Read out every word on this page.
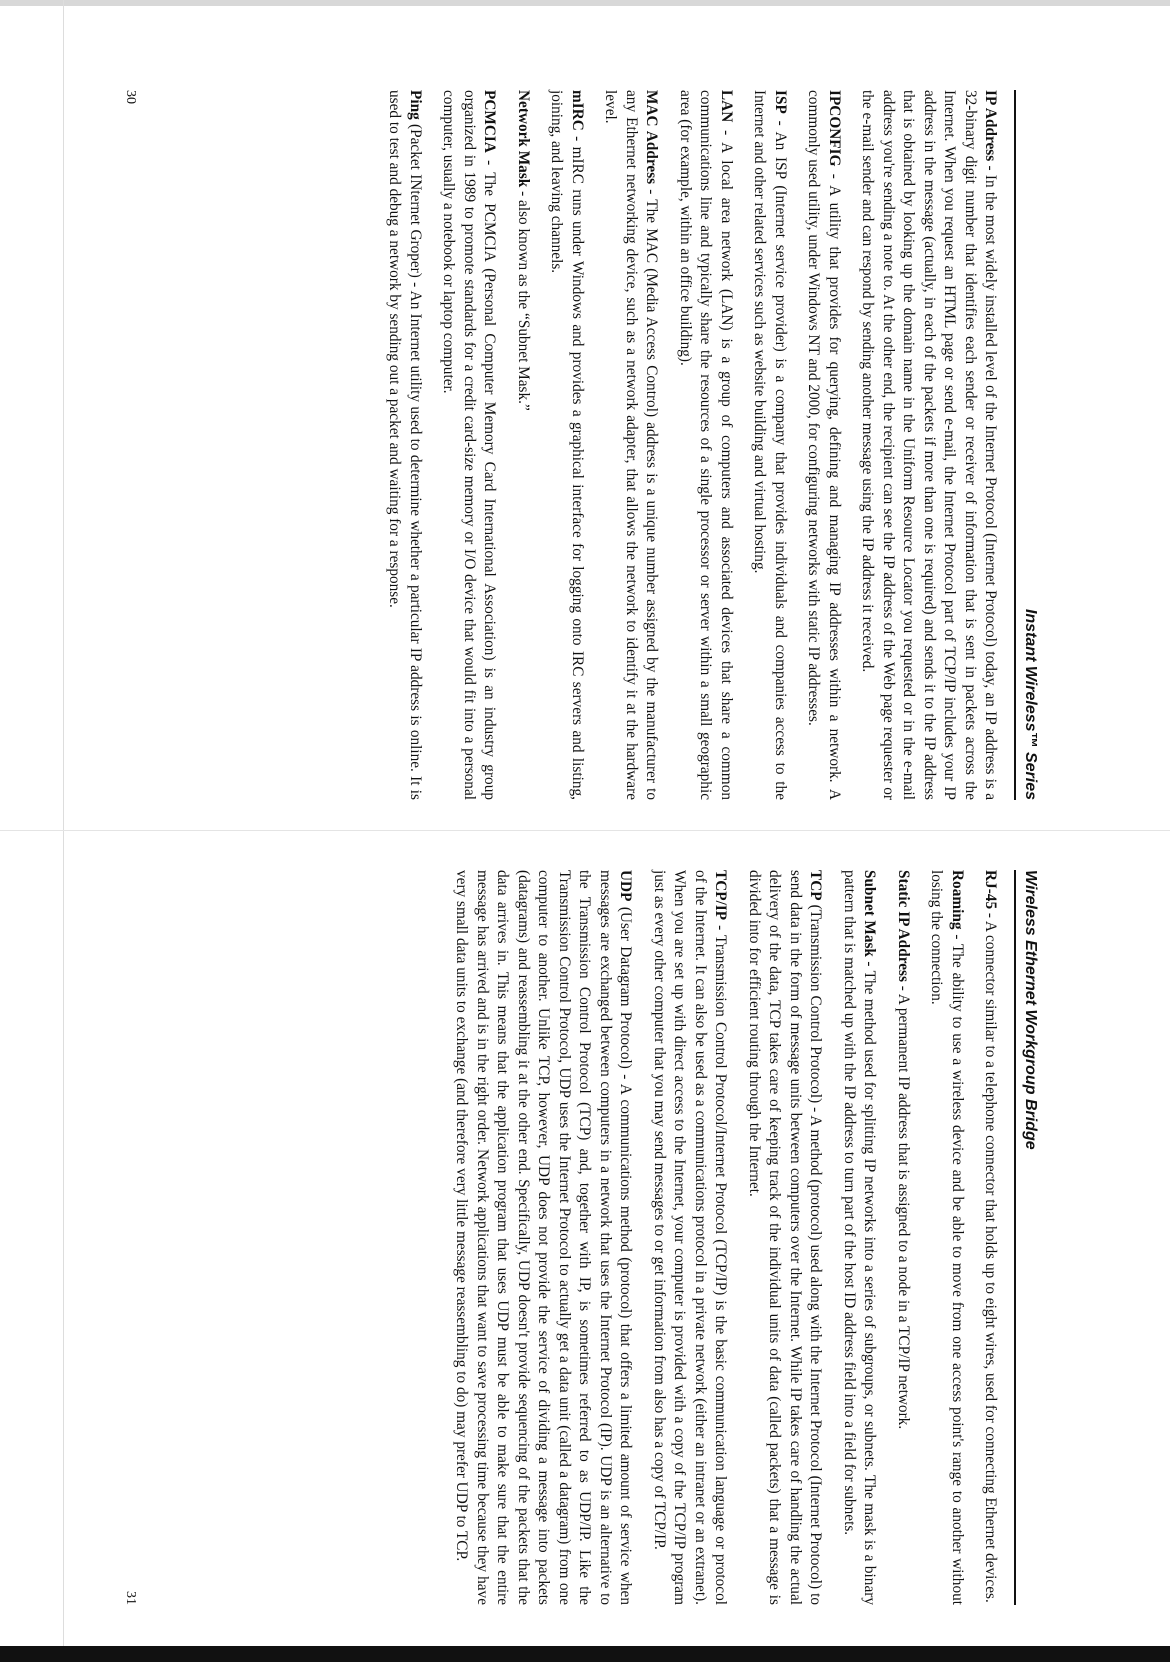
Instant Wireless™ Series

IP Address - In the most widely installed level of the Internet Protocol (Internet Protocol) today, an IP address is a 32-binary digit number that identifies each sender or receiver of information that is sent in packets across the Internet. When you request an HTML page or send e-mail, the Internet Protocol part of TCP/IP includes your IP address in the message (actually, in each of the packets if more than one is required) and sends it to the IP address that is obtained by looking up the domain name in the Uniform Resource Locator you requested or in the e-mail address you're sending a note to. At the other end, the recipient can see the IP address of the Web page requester or the e-mail sender and can respond by sending another message using the IP address it received.

IPCONFIG - A utility that provides for querying, defining and managing IP addresses within a network. A commonly used utility, under Windows NT and 2000, for configuring networks with static IP addresses.

ISP - An ISP (Internet service provider) is a company that provides individuals and companies access to the Internet and other related services such as website building and virtual hosting.

LAN - A local area network (LAN) is a group of computers and associated devices that share a common communications line and typically share the resources of a single processor or server within a small geographic area (for example, within an office building).

MAC Address - The MAC (Media Access Control) address is a unique number assigned by the manufacturer to any Ethernet networking device, such as a network adapter, that allows the network to identify it at the hardware level.

mIRC - mIRC runs under Windows and provides a graphical interface for logging onto IRC servers and listing, joining, and leaving channels.

Network Mask - also known as the “Subnet Mask.”

PCMCIA - The PCMCIA (Personal Computer Memory Card International Association) is an industry group organized in 1989 to promote standards for a credit card-size memory or I/O device that would fit into a personal computer, usually a notebook or laptop computer.

Ping (Packet INternet Groper) - An Internet utility used to determine whether a particular IP address is online. It is used to test and debug a network by sending out a packet and waiting for a response.

30
Wireless Ethernet Workgroup Bridge

RJ-45 - A connector similar to a telephone connector that holds up to eight wires, used for connecting Ethernet devices.

Roaming - The ability to use a wireless device and be able to move from one access point's range to another without losing the connection.

Static IP Address - A permanent IP address that is assigned to a node in a TCP/IP network.

Subnet Mask - The method used for splitting IP networks into a series of subgroups, or subnets. The mask is a binary pattern that is matched up with the IP address to turn part of the host ID address field into a field for subnets.

TCP (Transmission Control Protocol) - A method (protocol) used along with the Internet Protocol (Internet Protocol) to send data in the form of message units between computers over the Internet. While IP takes care of handling the actual delivery of the data, TCP takes care of keeping track of the individual units of data (called packets) that a message is divided into for efficient routing through the Internet.

TCP/IP - Transmission Control Protocol/Internet Protocol (TCP/IP) is the basic communication language or protocol of the Internet. It can also be used as a communications protocol in a private network (either an intranet or an extranet). When you are set up with direct access to the Internet, your computer is provided with a copy of the TCP/IP program just as every other computer that you may send messages to or get information from also has a copy of TCP/IP.

UDP (User Datagram Protocol) - A communications method (protocol) that offers a limited amount of service when messages are exchanged between computers in a network that uses the Internet Protocol (IP). UDP is an alternative to the Transmission Control Protocol (TCP) and, together with IP, is sometimes referred to as UDP/IP. Like the Transmission Control Protocol, UDP uses the Internet Protocol to actually get a data unit (called a datagram) from one computer to another. Unlike TCP, however, UDP does not provide the service of dividing a message into packets (datagrams) and reassembling it at the other end. Specifically, UDP doesn't provide sequencing of the packets that the data arrives in. This means that the application program that uses UDP must be able to make sure that the entire message has arrived and is in the right order. Network applications that want to save processing time because they have very small data units to exchange (and therefore very little message reassembling to do) may prefer UDP to TCP.

31
